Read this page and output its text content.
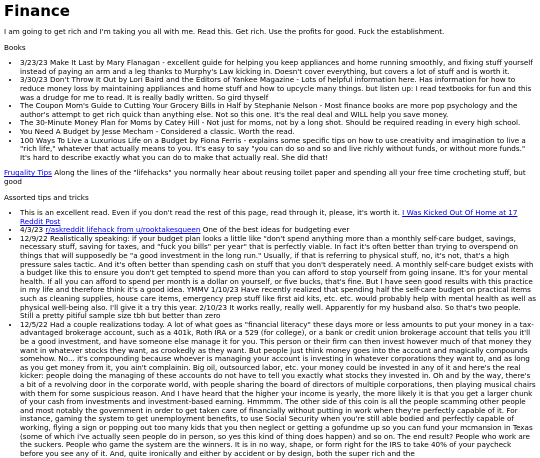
Finance

I am going to get rich and I'm taking you all with me. Read this. Get rich. Use the profits for good. Fuck the establishment.

Books

• 3/23/23 Make It Last by Mary Flanagan - excellent guide for helping you keep appliances and home running smoothly, and fixing stuff yourself instead of paying an arm and a leg thanks to Murphy's Law kicking in. Doesn't cover everything, but covers a lot of stuff and is worth it.
• 3/30/23 Don't Throw It Out by Lori Baird and the Editors of Yankee Magazine - Lots of helpful information here. Has information for how to reduce money loss by maintaining appliances and home stuff and how to upcycle many things. but listen up: I read textbooks for fun and this was a drudge for me to read. It is really badly written. So gird thyself
• The Coupon Mom's Guide to Cutting Your Grocery Bills in Half by Stephanie Nelson - Most finance books are more pop psychology and the author's attempt to get rich quick than anything else. Not so this one. It's the real deal and WILL help you save money.
• The 30-Minute Money Plan for Moms by Catey Hill - Not just for moms, not by a long shot. Should be required reading in every high school.
• You Need A Budget by Jesse Mecham - Considered a classic. Worth the read.
• 100 Ways To Live a Luxurious Life on a Budget by Fiona Ferris - explains some specific tips on how to use creativity and imagination to live a "rich life," whatever that actually means to you. It's easy to say "you can do so and so and live richly without funds, or without more funds." It's hard to describe exactly what you can do to make that actually real. She did that!

Frugality Tips Along the lines of the "lifehacks" you normally hear about reusing toilet paper and spending all your free time crocheting stuff, but good

Assorted tips and tricks

• This is an excellent read. Even if you don't read the rest of this page, read through it, please, it's worth it. I Was Kicked Out Of Home at 17 Reddit Post
• 4/3/23 r/askreddit lifehack from u/rooktakesqueen One of the best ideas for budgeting ever
• 12/9/22 Realistically speaking: if your budget plan looks a little like "don't spend anything more than a monthly self-care budget, savings, necessary stuff, saving for taxes, and "fuck you bills" per year" that is perfectly viable. In fact it's often better than trying to overspend on things that will supposedly be "a good investment in the long run." Usually, if that is referring to physical stuff, no, it's not, that's a high pressure sales tactic. And it's often better than spending cash on stuff that you don't desperately need. A monthly self-care budget exists with a budget like this to ensure you don't get tempted to spend more than you can afford to stop yourself from going insane. It's for your mental health. If all you can afford to spend per month is a dollar on yourself, or five bucks, that's fine. But I have seen good results with this practice in my life and therefore think it's a good idea. YMMV 1/10/23 Have recently realized that spending half the self-care budget on practical items such as cleaning supplies, house care items, emergency prep stuff like first aid kits, etc. etc. would probably help with mental health as well as physical well-being also. I'll give it a try this year. 2/10/23 It works really, really well. Apparently for my husband also. So that's two people. Still a pretty pitiful sample size tbh but better than zero
• 12/5/22 Had a couple realizations today. A lot of what goes as "financial literacy" these days more or less amounts to put your money in a tax-advantaged brokerage account, such as a 401k, Roth IRA or a 529 (for college), or a bank or credit union brokerage account that tells you it'll be a good investment, and have someone else manage it for you. This person or their firm can then invest however much of that money they want in whatever stocks they want, as crookedly as they want. But people just think money goes into the account and magically compounds somehow. No... it's compounding because whoever is managing your account is investing in whatever corporations they want to, and as long as you get money from it, you ain't complainin. Big oil, outsourced labor, etc. your money could be invested in any of it and here's the real kicker: people doing the managing of these accounts do not have to tell you exactly what stocks they invested in. Oh and by the way, there's a bit of a revolving door in the corporate world, with people sharing the board of directors of multiple corporations, then playing musical chairs with them for some suspicious reason. And I have heard that the higher your income is yearly, the more likely it is that you get a larger chunk of your cash from investments and investment-based earning. Hmmmm. The other side of this coin is all the people scamming other people and most notably the government in order to get taken care of financially without putting in work when they're perfectly capable of it. For instance, gaming the system to get unemployment benefits, to use Social Security when you're still able bodied and perfectly capable of working, flying a sign or popping out too many kids that you then neglect or getting a gofundme up so you can fund your mcmansion in Texas (some of which i've actually seen people do in person, so yes this kind of thing does happen) and so on. The end result? People who work are the suckers. People who game the system are the winners. It is in no way, shape, or form right for the IRS to take 40% of your paycheck before you see any of it. And, quite ironically and either by accident or by design, both the super rich and the
